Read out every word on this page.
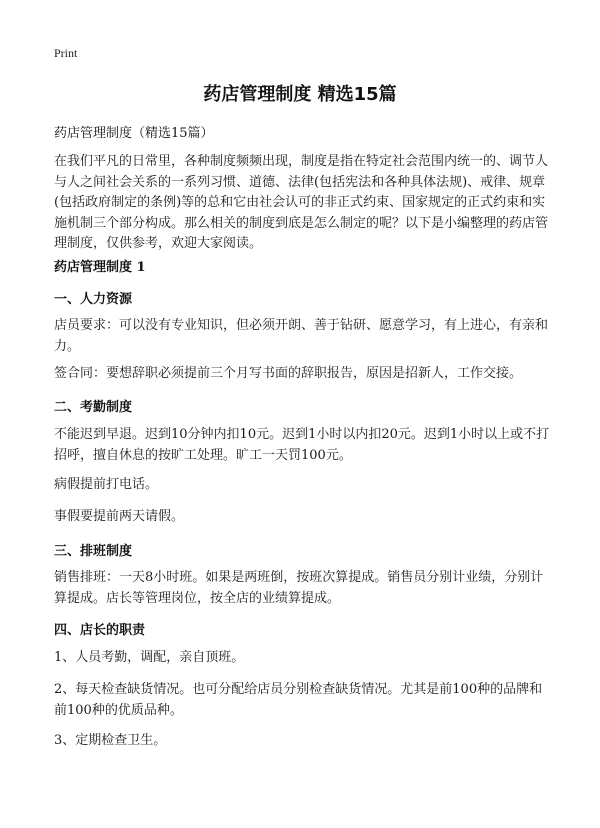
Print
药店管理制度 精选15篇
药店管理制度（精选15篇）
在我们平凡的日常里，各种制度频频出现，制度是指在特定社会范围内统一的、调节人与人之间社会关系的一系列习惯、道德、法律(包括宪法和各种具体法规)、戒律、规章(包括政府制定的条例)等的总和它由社会认可的非正式约束、国家规定的正式约束和实施机制三个部分构成。那么相关的制度到底是怎么制定的呢？以下是小编整理的药店管理制度，仅供参考，欢迎大家阅读。
药店管理制度 1
一、人力资源
店员要求：可以没有专业知识，但必须开朗、善于钻研、愿意学习，有上进心，有亲和力。
签合同：要想辞职必须提前三个月写书面的辞职报告，原因是招新人，工作交接。
二、考勤制度
不能迟到早退。迟到10分钟内扣10元。迟到1小时以内扣20元。迟到1小时以上或不打招呼，擅自休息的按旷工处理。旷工一天罚100元。
病假提前打电话。
事假要提前两天请假。
三、排班制度
销售排班：一天8小时班。如果是两班倒，按班次算提成。销售员分别计业绩，分别计算提成。店长等管理岗位，按全店的业绩算提成。
四、店长的职责
1、人员考勤，调配，亲自顶班。
2、每天检查缺货情况。也可分配给店员分别检查缺货情况。尤其是前100种的品牌和前100种的优质品种。
3、定期检查卫生。
